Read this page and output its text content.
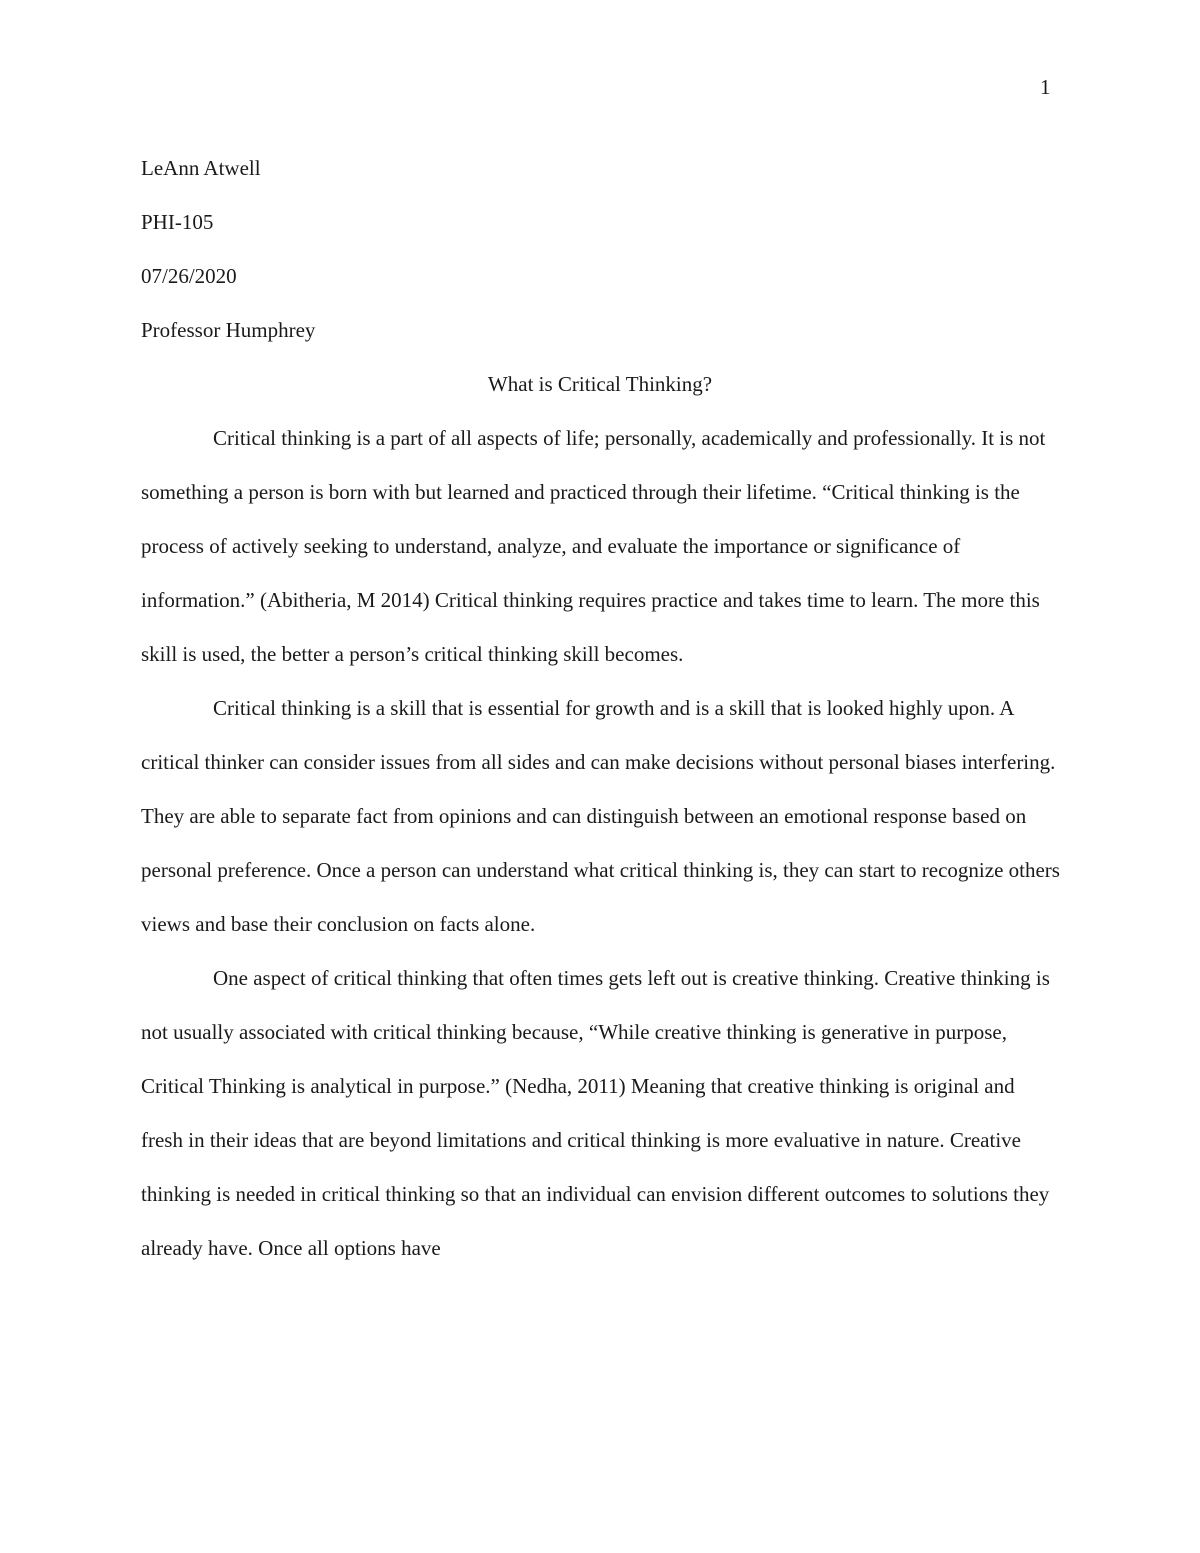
1

LeAnn Atwell

PHI-105

07/26/2020

Professor Humphrey

What is Critical Thinking?

Critical thinking is a part of all aspects of life; personally, academically and professionally. It is not something a person is born with but learned and practiced through their lifetime. “Critical thinking is the process of actively seeking to understand, analyze, and evaluate the importance or significance of information.” (Abitheria, M 2014) Critical thinking requires practice and takes time to learn. The more this skill is used, the better a person’s critical thinking skill becomes.

Critical thinking is a skill that is essential for growth and is a skill that is looked highly upon. A critical thinker can consider issues from all sides and can make decisions without personal biases interfering. They are able to separate fact from opinions and can distinguish between an emotional response based on personal preference. Once a person can understand what critical thinking is, they can start to recognize others views and base their conclusion on facts alone.

One aspect of critical thinking that often times gets left out is creative thinking. Creative thinking is not usually associated with critical thinking because, “While creative thinking is generative in purpose, Critical Thinking is analytical in purpose.” (Nedha, 2011) Meaning that creative thinking is original and fresh in their ideas that are beyond limitations and critical thinking is more evaluative in nature. Creative thinking is needed in critical thinking so that an individual can envision different outcomes to solutions they already have. Once all options have
